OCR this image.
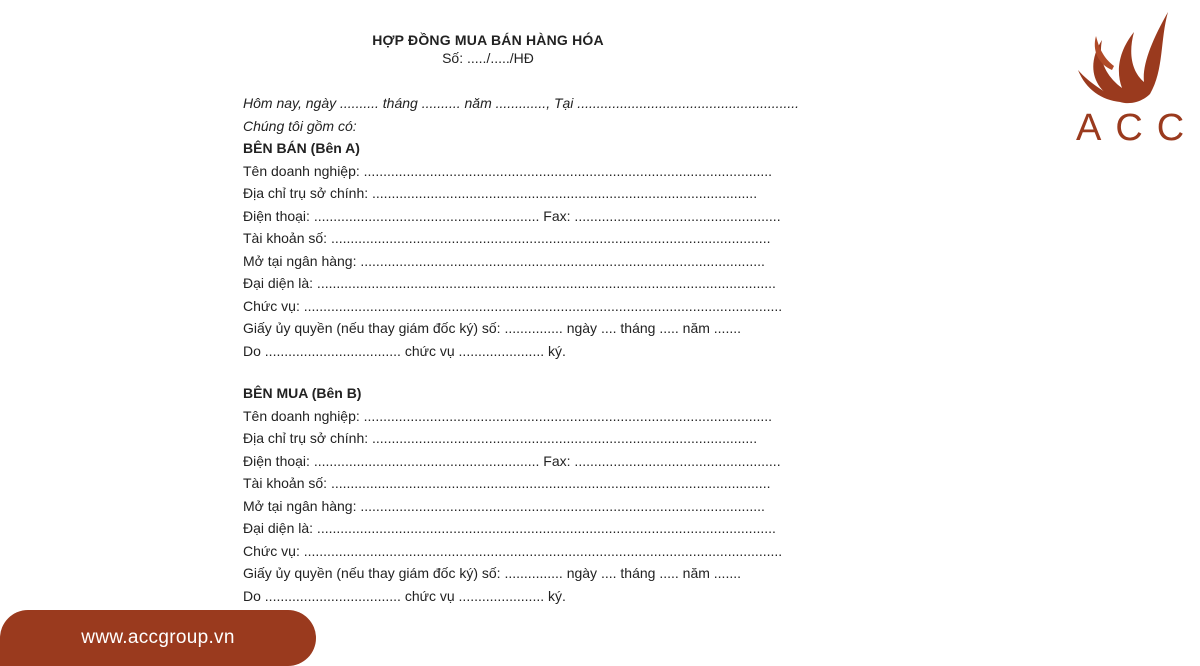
HỢP ĐỒNG MUA BÁN HÀNG HÓA
Số: ...../...../HĐ
Hôm nay, ngày .......... tháng .......... năm ............., Tại .........................................................
Chúng tôi gồm có:
BÊN BÁN (Bên A)
Tên doanh nghiệp: .........................................................................................................
Địa chỉ trụ sở chính: ...................................................................................................
Điện thoại: .......................................................... Fax: .....................................................
Tài khoản số: .................................................................................................................
Mở tại ngân hàng: ........................................................................................................
Đại diện là: ......................................................................................................................
Chức vụ: ...........................................................................................................................
Giấy ủy quyền (nếu thay giám đốc ký) số: ............... ngày .... tháng ..... năm .......
Do ................................... chức vụ ...................... ký.
BÊN MUA (Bên B)
Tên doanh nghiệp: .........................................................................................................
Địa chỉ trụ sở chính: ...................................................................................................
Điện thoại: .......................................................... Fax: .....................................................
Tài khoản số: .................................................................................................................
Mở tại ngân hàng: ........................................................................................................
Đại diện là: ......................................................................................................................
Chức vụ: ...........................................................................................................................
Giấy ủy quyền (nếu thay giám đốc ký) số: ............... ngày .... tháng ..... năm .......
Do ................................... chức vụ ...................... ký.
ACC
www.accgroup.vn
